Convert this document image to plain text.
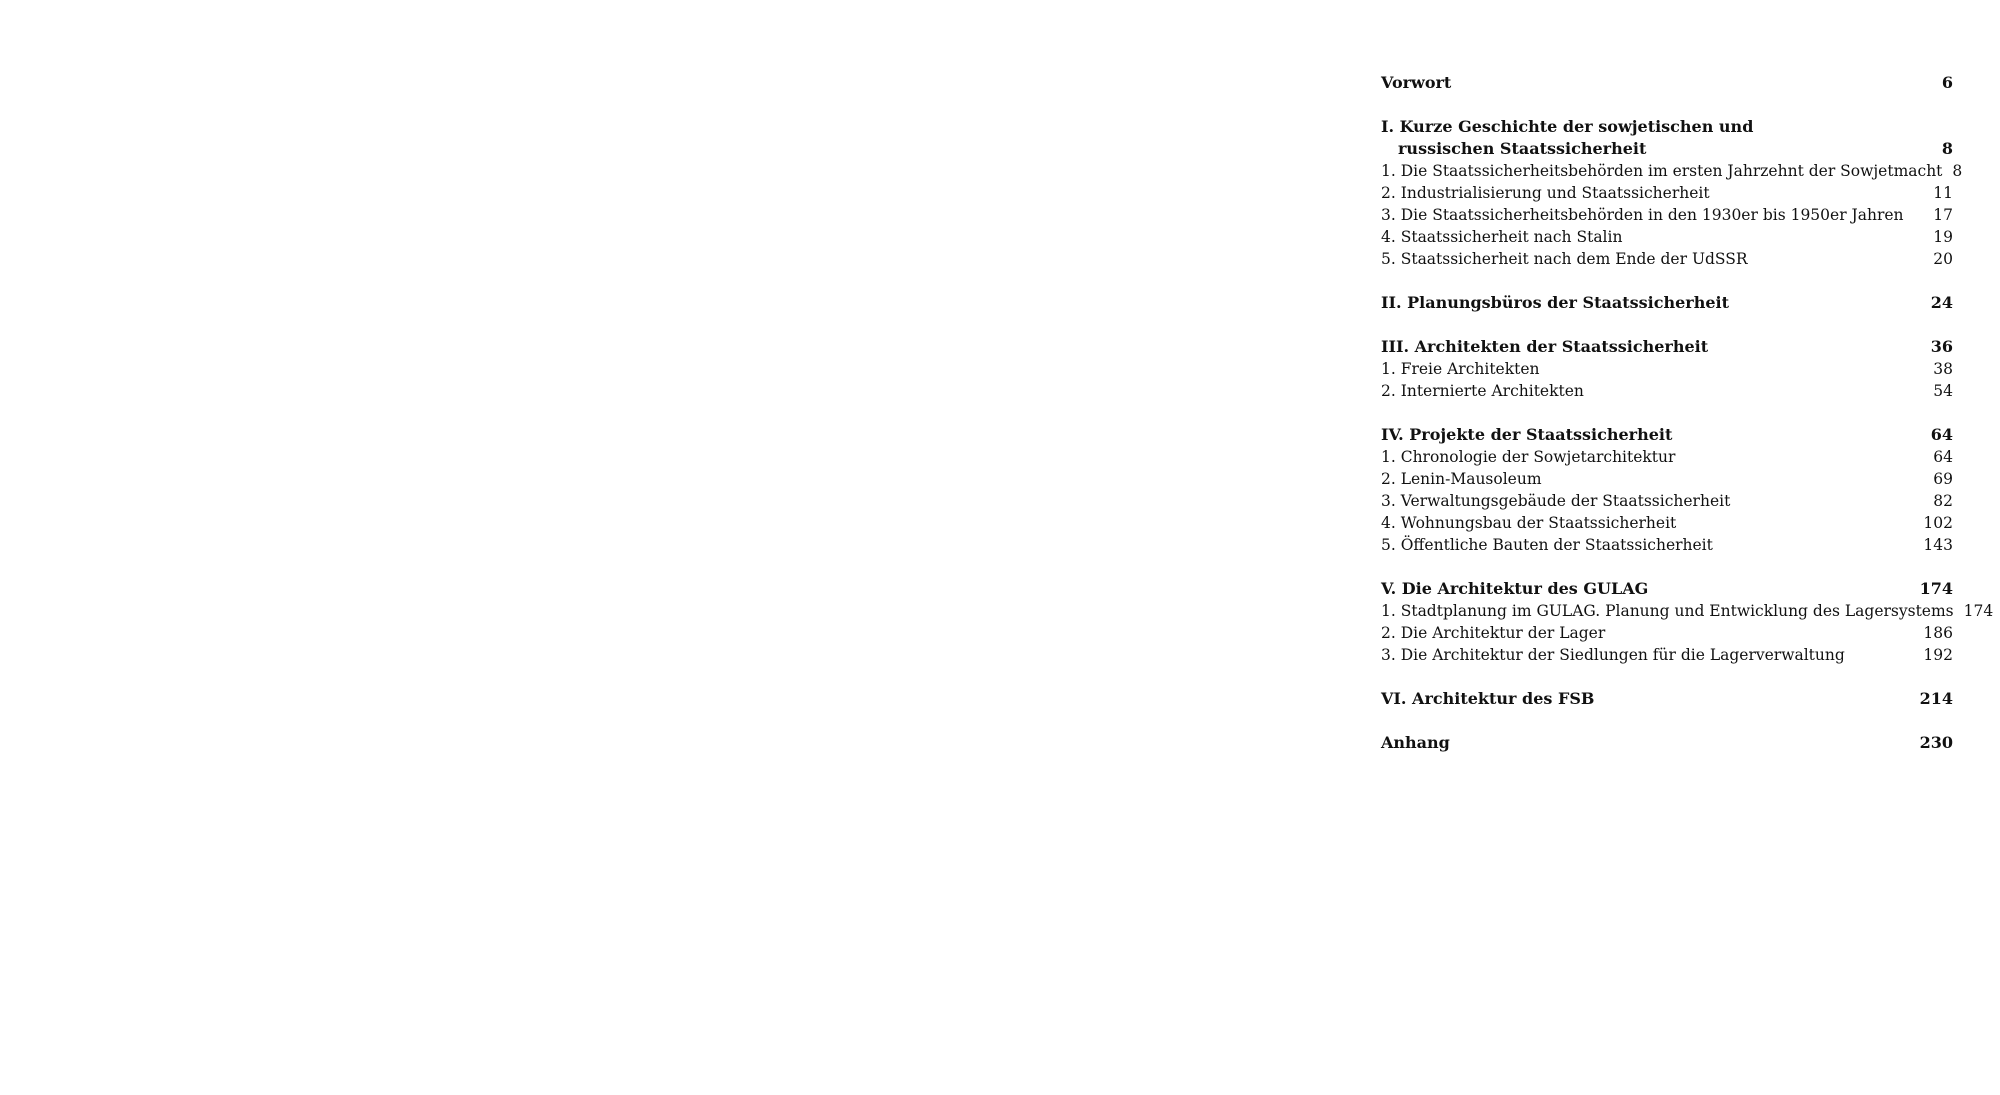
Vorwort	6
I. Kurze Geschichte der sowjetischen und
russischen Staatssicherheit	8
1. Die Staatssicherheitsbehörden im ersten Jahrzehnt der Sowjetmacht 8
2. Industrialisierung und Staatssicherheit	11
3. Die Staatssicherheitsbehörden in den 1930er bis 1950er Jahren	17
4. Staatssicherheit nach Stalin	19
5. Staatssicherheit nach dem Ende der UdSSR	20
II. Planungsbüros der Staatssicherheit	24
III. Architekten der Staatssicherheit	36
1. Freie Architekten	38
2. Internierte Architekten	54
IV. Projekte der Staatssicherheit	64
1. Chronologie der Sowjetarchitektur	64
2. Lenin-Mausoleum	69
3. Verwaltungsgebäude der Staatssicherheit	82
4. Wohnungsbau der Staatssicherheit	102
5. Öffentliche Bauten der Staatssicherheit	143
V. Die Architektur des GULAG	174
1. Stadtplanung im GULAG. Planung und Entwicklung des Lagersystems 174
2. Die Architektur der Lager	186
3. Die Architektur der Siedlungen für die Lagerverwaltung	192
VI. Architektur des FSB	214
Anhang	230
